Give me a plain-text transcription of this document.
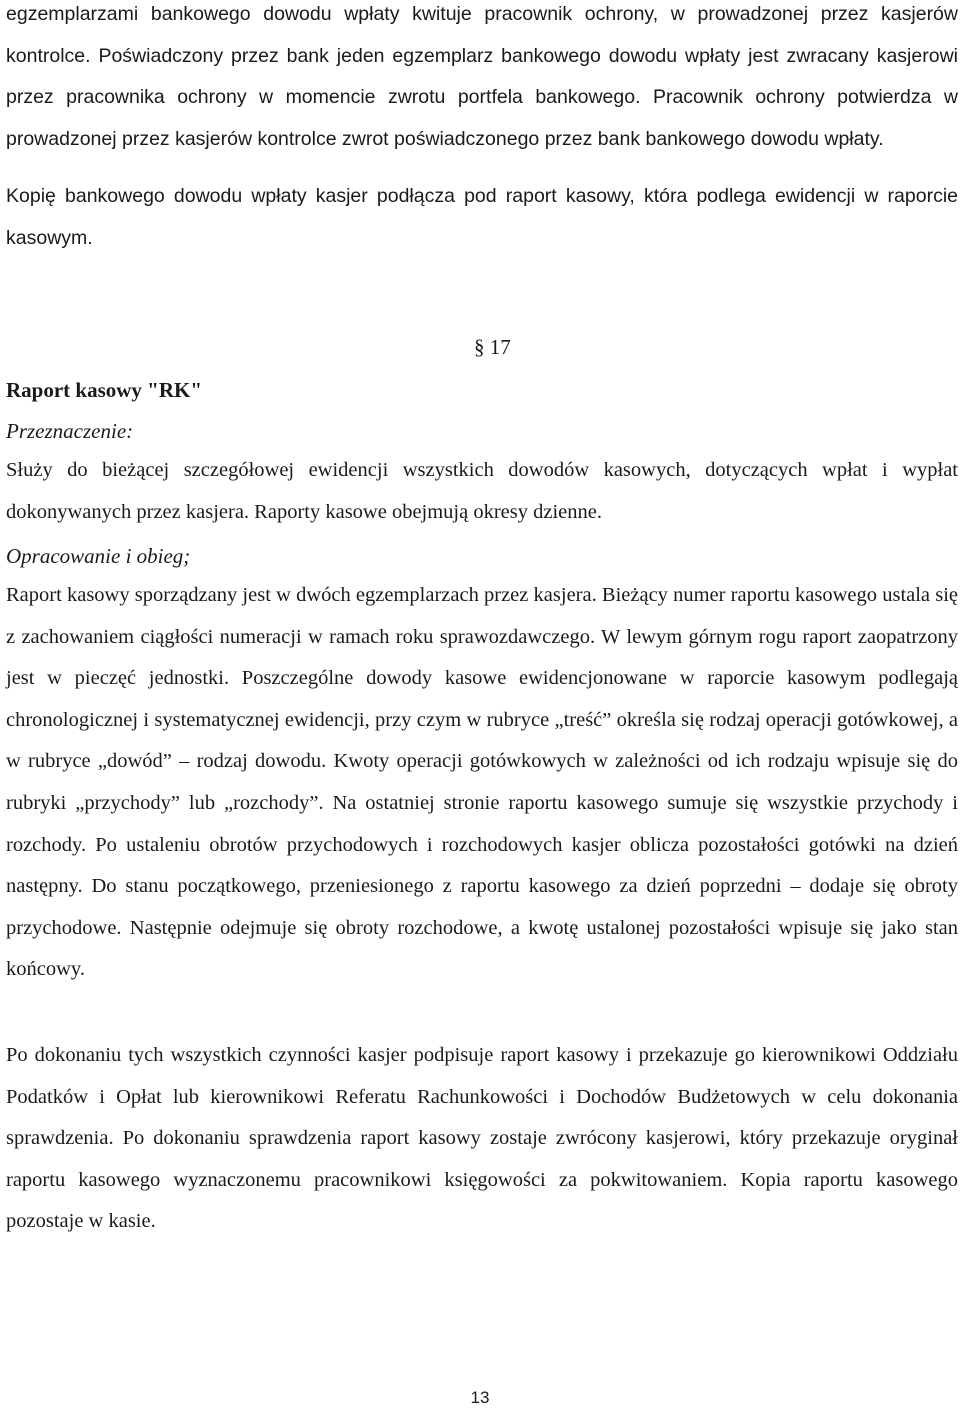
egzemplarzami bankowego dowodu wpłaty kwituje pracownik ochrony, w prowadzonej przez kasjerów kontrolce. Poświadczony przez bank jeden egzemplarz bankowego dowodu wpłaty jest zwracany kasjerowi przez pracownika ochrony w momencie zwrotu portfela bankowego. Pracownik ochrony potwierdza w prowadzonej przez kasjerów kontrolce zwrot poświadczonego przez bank bankowego dowodu wpłaty.

Kopię bankowego dowodu wpłaty kasjer podłącza pod raport kasowy, która podlega ewidencji w raporcie kasowym.

§ 17

Raport kasowy "RK"

Przeznaczenie:

Służy do bieżącej szczegółowej ewidencji wszystkich dowodów kasowych, dotyczących wpłat i wypłat dokonywanych przez kasjera. Raporty kasowe obejmują okresy dzienne.

Opracowanie i obieg;

Raport kasowy sporządzany jest w dwóch egzemplarzach przez kasjera. Bieżący numer raportu kasowego ustala się z zachowaniem ciągłości numeracji w ramach roku sprawozdawczego. W lewym górnym rogu raport zaopatrzony jest w pieczęć jednostki. Poszczególne dowody kasowe ewidencjonowane w raporcie kasowym podlegają chronologicznej i systematycznej ewidencji, przy czym w rubryce „treść” określa się rodzaj operacji gotówkowej, a w rubryce „dowód” – rodzaj dowodu. Kwoty operacji gotówkowych w zależności od ich rodzaju wpisuje się do rubryki „przychody” lub „rozchody”. Na ostatniej stronie raportu kasowego sumuje się wszystkie przychody i rozchody. Po ustaleniu obrotów przychodowych i rozchodowych kasjer oblicza pozostałości gotówki na dzień następny. Do stanu początkowego, przeniesionego z raportu kasowego za dzień poprzedni – dodaje się obroty przychodowe. Następnie odejmuje się obroty rozchodowe, a kwotę ustalonej pozostałości wpisuje się jako stan końcowy.

Po dokonaniu tych wszystkich czynności kasjer podpisuje raport kasowy i przekazuje go kierownikowi Oddziału Podatków i Opłat lub kierownikowi Referatu Rachunkowości i Dochodów Budżetowych w celu dokonania sprawdzenia. Po dokonaniu sprawdzenia raport kasowy zostaje zwrócony kasjerowi, który przekazuje oryginał raportu kasowego wyznaczonemu pracownikowi księgowości za pokwitowaniem. Kopia raportu kasowego pozostaje w kasie.

13
